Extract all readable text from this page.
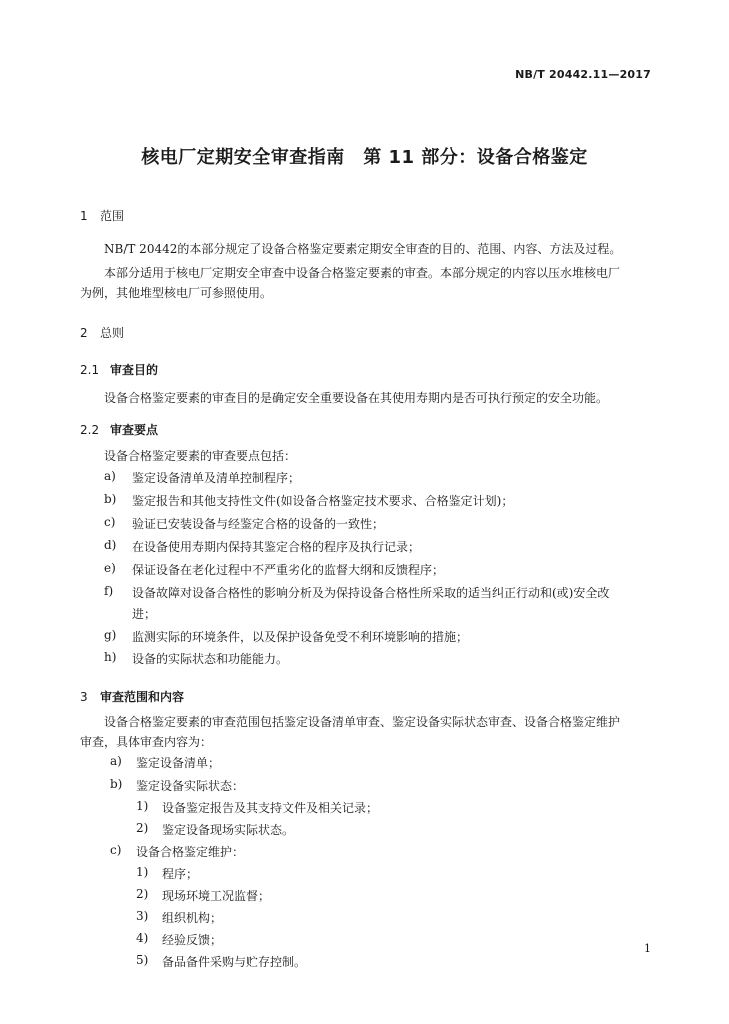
NB/T 20442.11—2017
核电厂定期安全审查指南　第 11 部分：设备合格鉴定
1 范围
NB/T 20442的本部分规定了设备合格鉴定要素定期安全审查的目的、范围、内容、方法及过程。
本部分适用于核电厂定期安全审查中设备合格鉴定要素的审查。本部分规定的内容以压水堆核电厂
为例，其他堆型核电厂可参照使用。
2 总则
2.1 审查目的
设备合格鉴定要素的审查目的是确定安全重要设备在其使用寿期内是否可执行预定的安全功能。
2.2 审查要点
设备合格鉴定要素的审查要点包括：
a) 鉴定设备清单及清单控制程序；
b) 鉴定报告和其他支持性文件(如设备合格鉴定技术要求、合格鉴定计划)；
c) 验证已安装设备与经鉴定合格的设备的一致性；
d) 在设备使用寿期内保持其鉴定合格的程序及执行记录；
e) 保证设备在老化过程中不严重劣化的监督大纲和反馈程序；
f) 设备故障对设备合格性的影响分析及为保持设备合格性所采取的适当纠正行动和(或)安全改
进；
g) 监测实际的环境条件，以及保护设备免受不利环境影响的措施；
h) 设备的实际状态和功能能力。
3 审查范围和内容
设备合格鉴定要素的审查范围包括鉴定设备清单审查、鉴定设备实际状态审查、设备合格鉴定维护
审查，具体审查内容为：
a) 鉴定设备清单；
b) 鉴定设备实际状态：
1) 设备鉴定报告及其支持文件及相关记录；
2) 鉴定设备现场实际状态。
c) 设备合格鉴定维护：
1) 程序；
2) 现场环境工况监督；
3) 组织机构；
4) 经验反馈；
5) 备品备件采购与贮存控制。
1
